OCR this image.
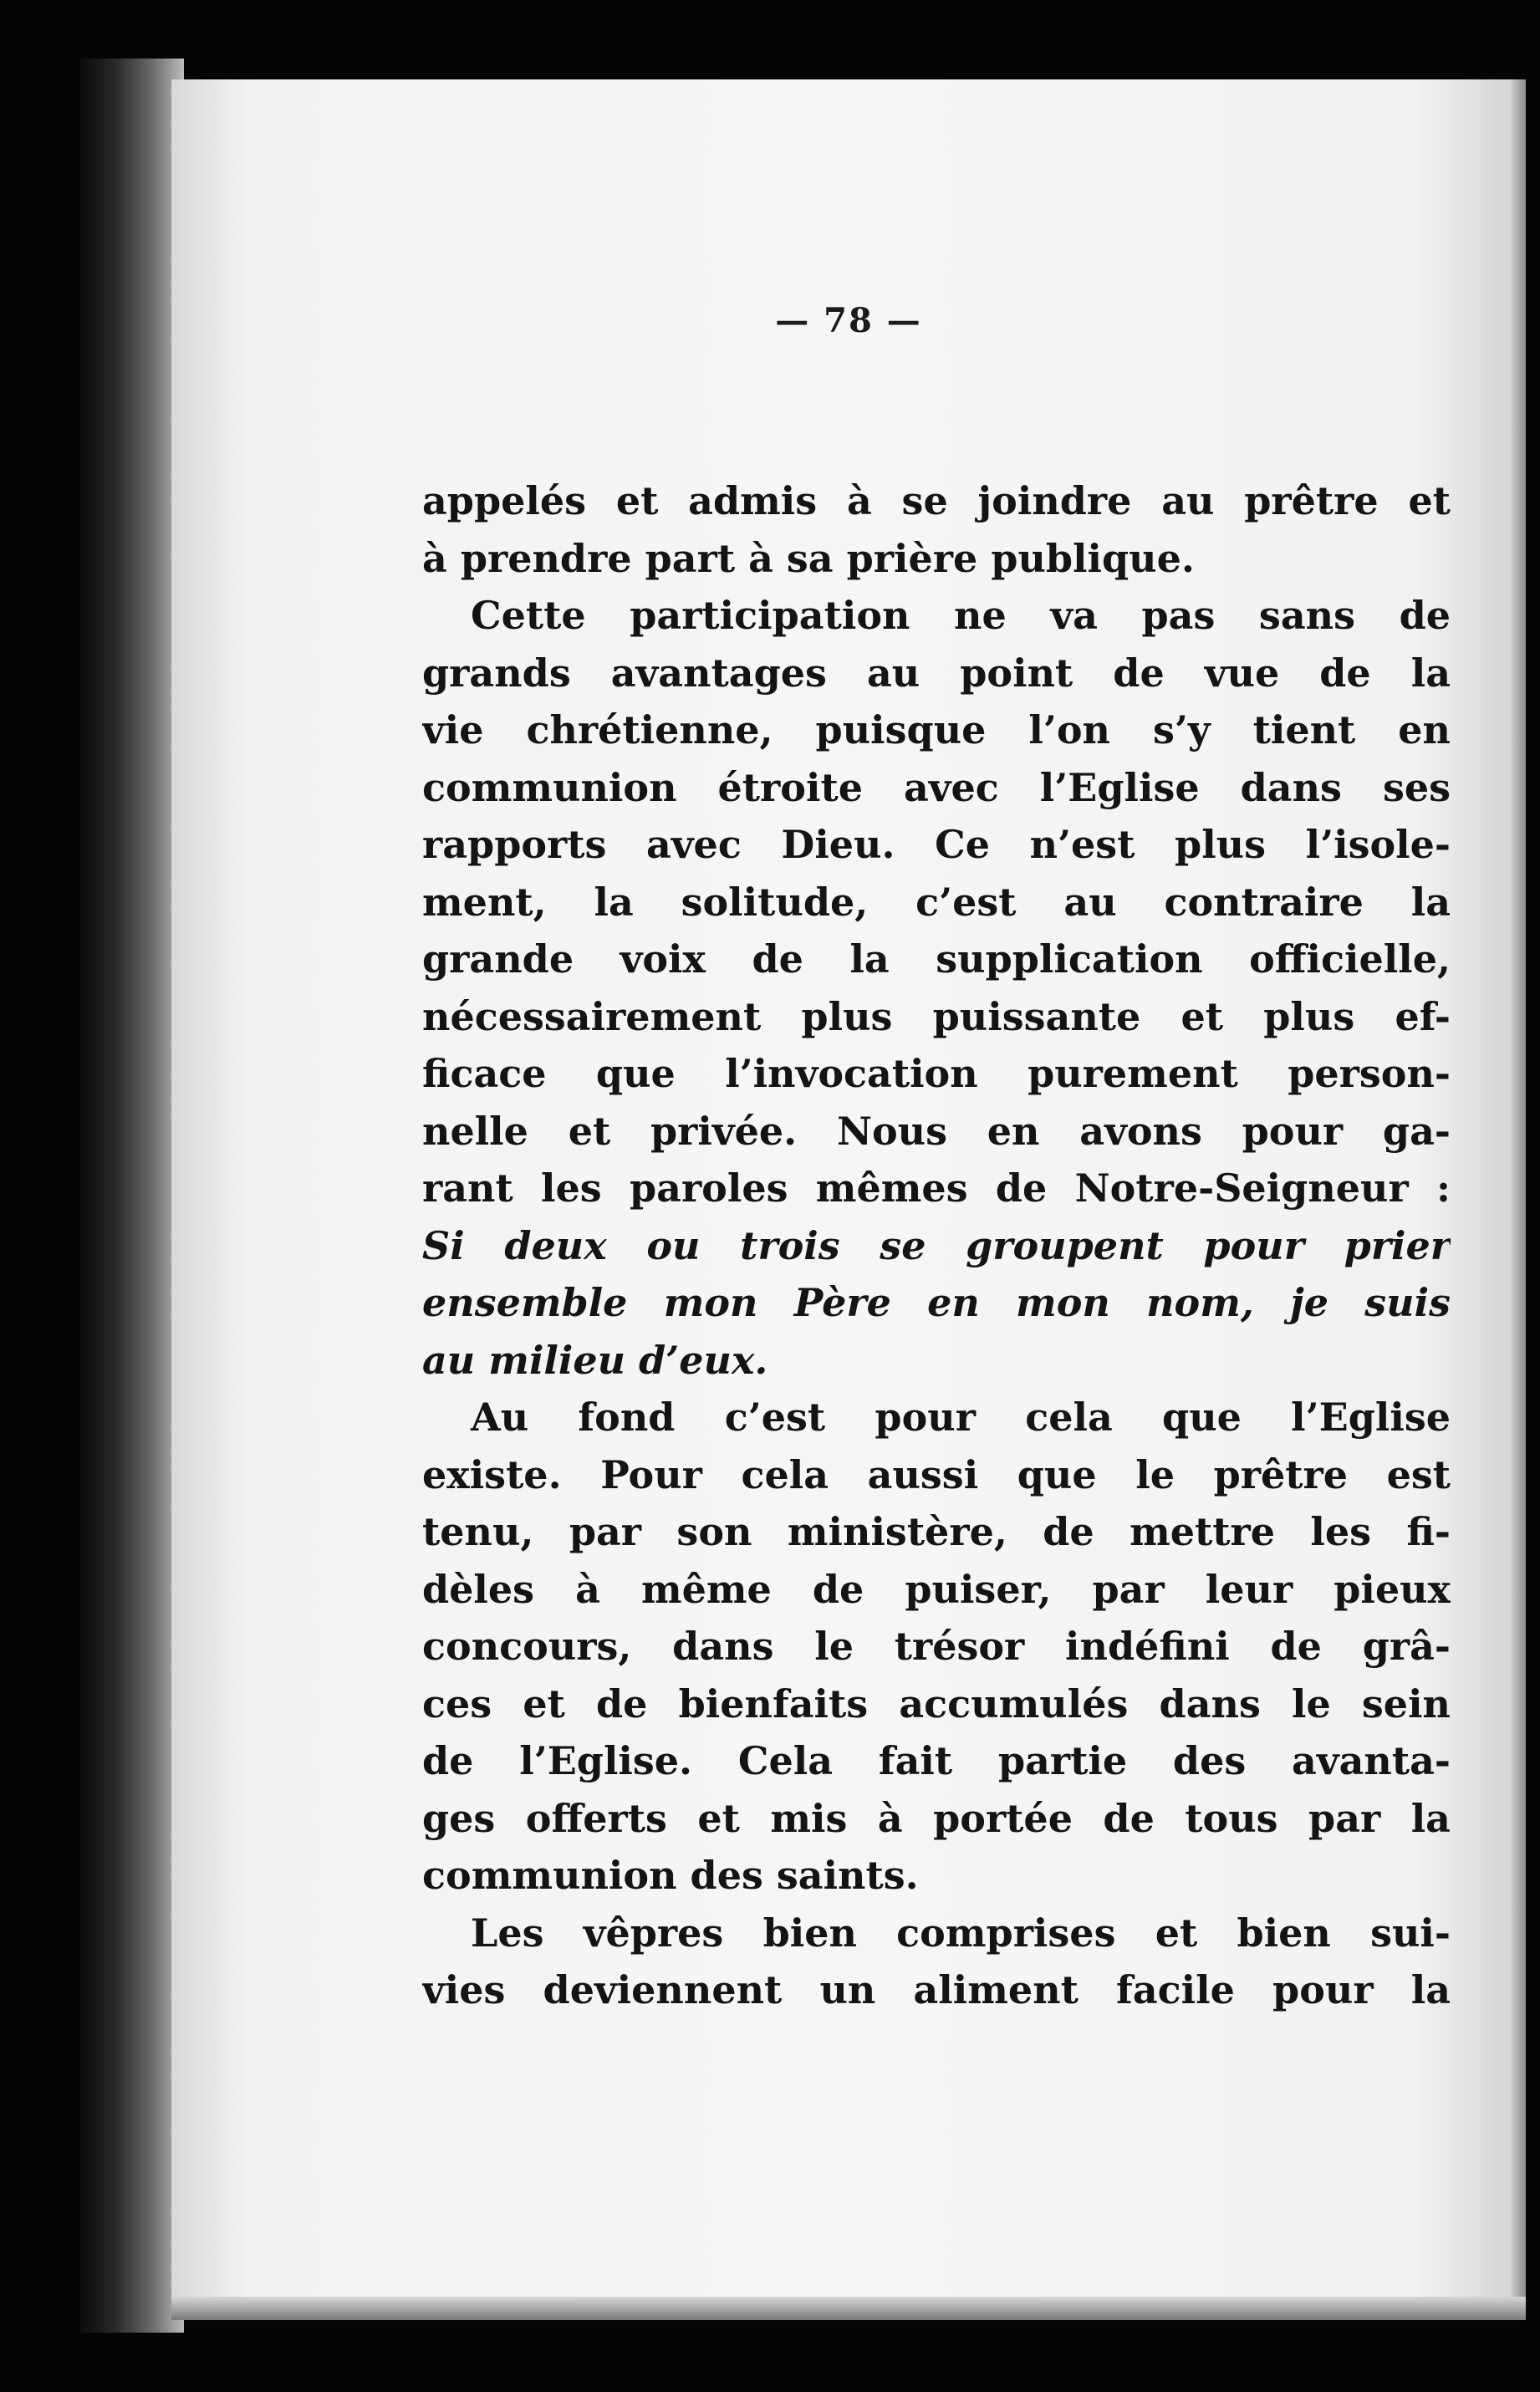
— 78 —
appelés et admis à se joindre au prêtre et
à prendre part à sa prière publique.
Cette participation ne va pas sans de
grands avantages au point de vue de la
vie chrétienne, puisque l’on s’y tient en
communion étroite avec l’Eglise dans ses
rapports avec Dieu. Ce n’est plus l’isole-
ment, la solitude, c’est au contraire la
grande voix de la supplication officielle,
nécessairement plus puissante et plus ef-
ficace que l’invocation purement person-
nelle et privée. Nous en avons pour ga-
rant les paroles mêmes de Notre-Seigneur :
Si deux ou trois se groupent pour prier
ensemble mon Père en mon nom, je suis
au milieu d’eux.
Au fond c’est pour cela que l’Eglise
existe. Pour cela aussi que le prêtre est
tenu, par son ministère, de mettre les fi-
dèles à même de puiser, par leur pieux
concours, dans le trésor indéfini de grâ-
ces et de bienfaits accumulés dans le sein
de l’Eglise. Cela fait partie des avanta-
ges offerts et mis à portée de tous par la
communion des saints.
Les vêpres bien comprises et bien sui-
vies deviennent un aliment facile pour la
